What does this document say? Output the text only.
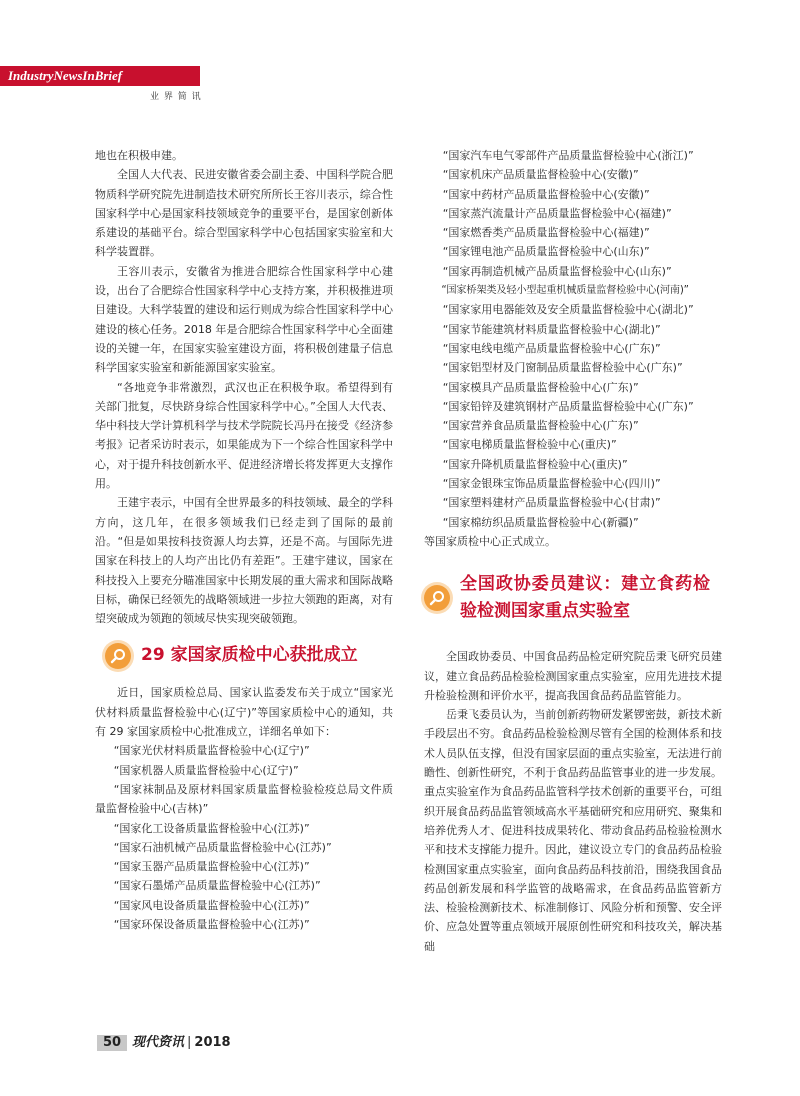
IndustryNewsInBrief
业 界 简 讯

地也在积极申建。

全国人大代表、民进安徽省委会副主委、中国科学院合肥物质科学研究院先进制造技术研究所所长王容川表示，综合性国家科学中心是国家科技领域竞争的重要平台，是国家创新体系建设的基础平台。综合型国家科学中心包括国家实验室和大科学装置群。

王容川表示，安徽省为推进合肥综合性国家科学中心建设，出台了合肥综合性国家科学中心支持方案，并积极推进项目建设。大科学装置的建设和运行则成为综合性国家科学中心建设的核心任务。2018 年是合肥综合性国家科学中心全面建设的关键一年，在国家实验室建设方面，将积极创建量子信息科学国家实验室和新能源国家实验室。

“各地竞争非常激烈，武汉也正在积极争取。希望得到有关部门批复，尽快跻身综合性国家科学中心。”全国人大代表、华中科技大学计算机科学与技术学院院长冯丹在接受《经济参考报》记者采访时表示，如果能成为下一个综合性国家科学中心，对于提升科技创新水平、促进经济增长将发挥更大支撑作用。

王建宇表示，中国有全世界最多的科技领域、最全的学科方向，这几年，在很多领域我们已经走到了国际的最前沿。“但是如果按科技资源人均去算，还是不高。与国际先进国家在科技上的人均产出比仍有差距”。王建宇建议，国家在科技投入上要充分瞄准国家中长期发展的重大需求和国际战略目标，确保已经领先的战略领域进一步拉大领跑的距离，对有望突破成为领跑的领域尽快实现突破领跑。

29 家国家质检中心获批成立

近日，国家质检总局、国家认监委发布关于成立“国家光伏材料质量监督检验中心(辽宁)”等国家质检中心的通知，共有 29 家国家质检中心批准成立，详细名单如下：

“国家光伏材料质量监督检验中心(辽宁)”

“国家机器人质量监督检验中心(辽宁)”

“国家袜制品及原材料国家质量监督检验检疫总局文件质量监督检验中心(吉林)”

“国家化工设备质量监督检验中心(江苏)”

“国家石油机械产品质量监督检验中心(江苏)”

“国家玉器产品质量监督检验中心(江苏)”

“国家石墨烯产品质量监督检验中心(江苏)”

“国家风电设备质量监督检验中心(江苏)”

“国家环保设备质量监督检验中心(江苏)”

“国家汽车电气零部件产品质量监督检验中心(浙江)”

“国家机床产品质量监督检验中心(安徽)”

“国家中药材产品质量监督检验中心(安徽)”

“国家蒸汽流量计产品质量监督检验中心(福建)”

“国家燃香类产品质量监督检验中心(福建)”

“国家锂电池产品质量监督检验中心(山东)”

“国家再制造机械产品质量监督检验中心(山东)”

“国家桥架类及轻小型起重机械质量监督检验中心(河南)”

“国家家用电器能效及安全质量监督检验中心(湖北)”

“国家节能建筑材料质量监督检验中心(湖北)”

“国家电线电缆产品质量监督检验中心(广东)”

“国家铝型材及门窗制品质量监督检验中心(广东)”

“国家模具产品质量监督检验中心(广东)”

“国家铅锌及建筑钢材产品质量监督检验中心(广东)”

“国家营养食品质量监督检验中心(广东)”

“国家电梯质量监督检验中心(重庆)”

“国家升降机质量监督检验中心(重庆)”

“国家金银珠宝饰品质量监督检验中心(四川)”

“国家塑料建材产品质量监督检验中心(甘肃)”

“国家棉纺织品质量监督检验中心(新疆)”

等国家质检中心正式成立。

全国政协委员建议：建立食药检验检测国家重点实验室

全国政协委员、中国食品药品检定研究院岳秉飞研究员建议，建立食品药品检验检测国家重点实验室，应用先进技术提升检验检测和评价水平，提高我国食品药品监管能力。

岳秉飞委员认为，当前创新药物研发紧锣密鼓，新技术新手段层出不穷。食品药品检验检测尽管有全国的检测体系和技术人员队伍支撑，但没有国家层面的重点实验室，无法进行前瞻性、创新性研究，不利于食品药品监管事业的进一步发展。重点实验室作为食品药品监管科学技术创新的重要平台，可组织开展食品药品监管领域高水平基础研究和应用研究、聚集和培养优秀人才、促进科技成果转化、带动食品药品检验检测水平和技术支撑能力提升。因此，建议设立专门的食品药品检验检测国家重点实验室，面向食品药品科技前沿，围绕我国食品药品创新发展和科学监管的战略需求，在食品药品监管新方法、检验检测新技术、标准制修订、风险分析和预警、安全评价、应急处置等重点领域开展原创性研究和科技攻关，解决基础

50 现代资讯 | 2018
